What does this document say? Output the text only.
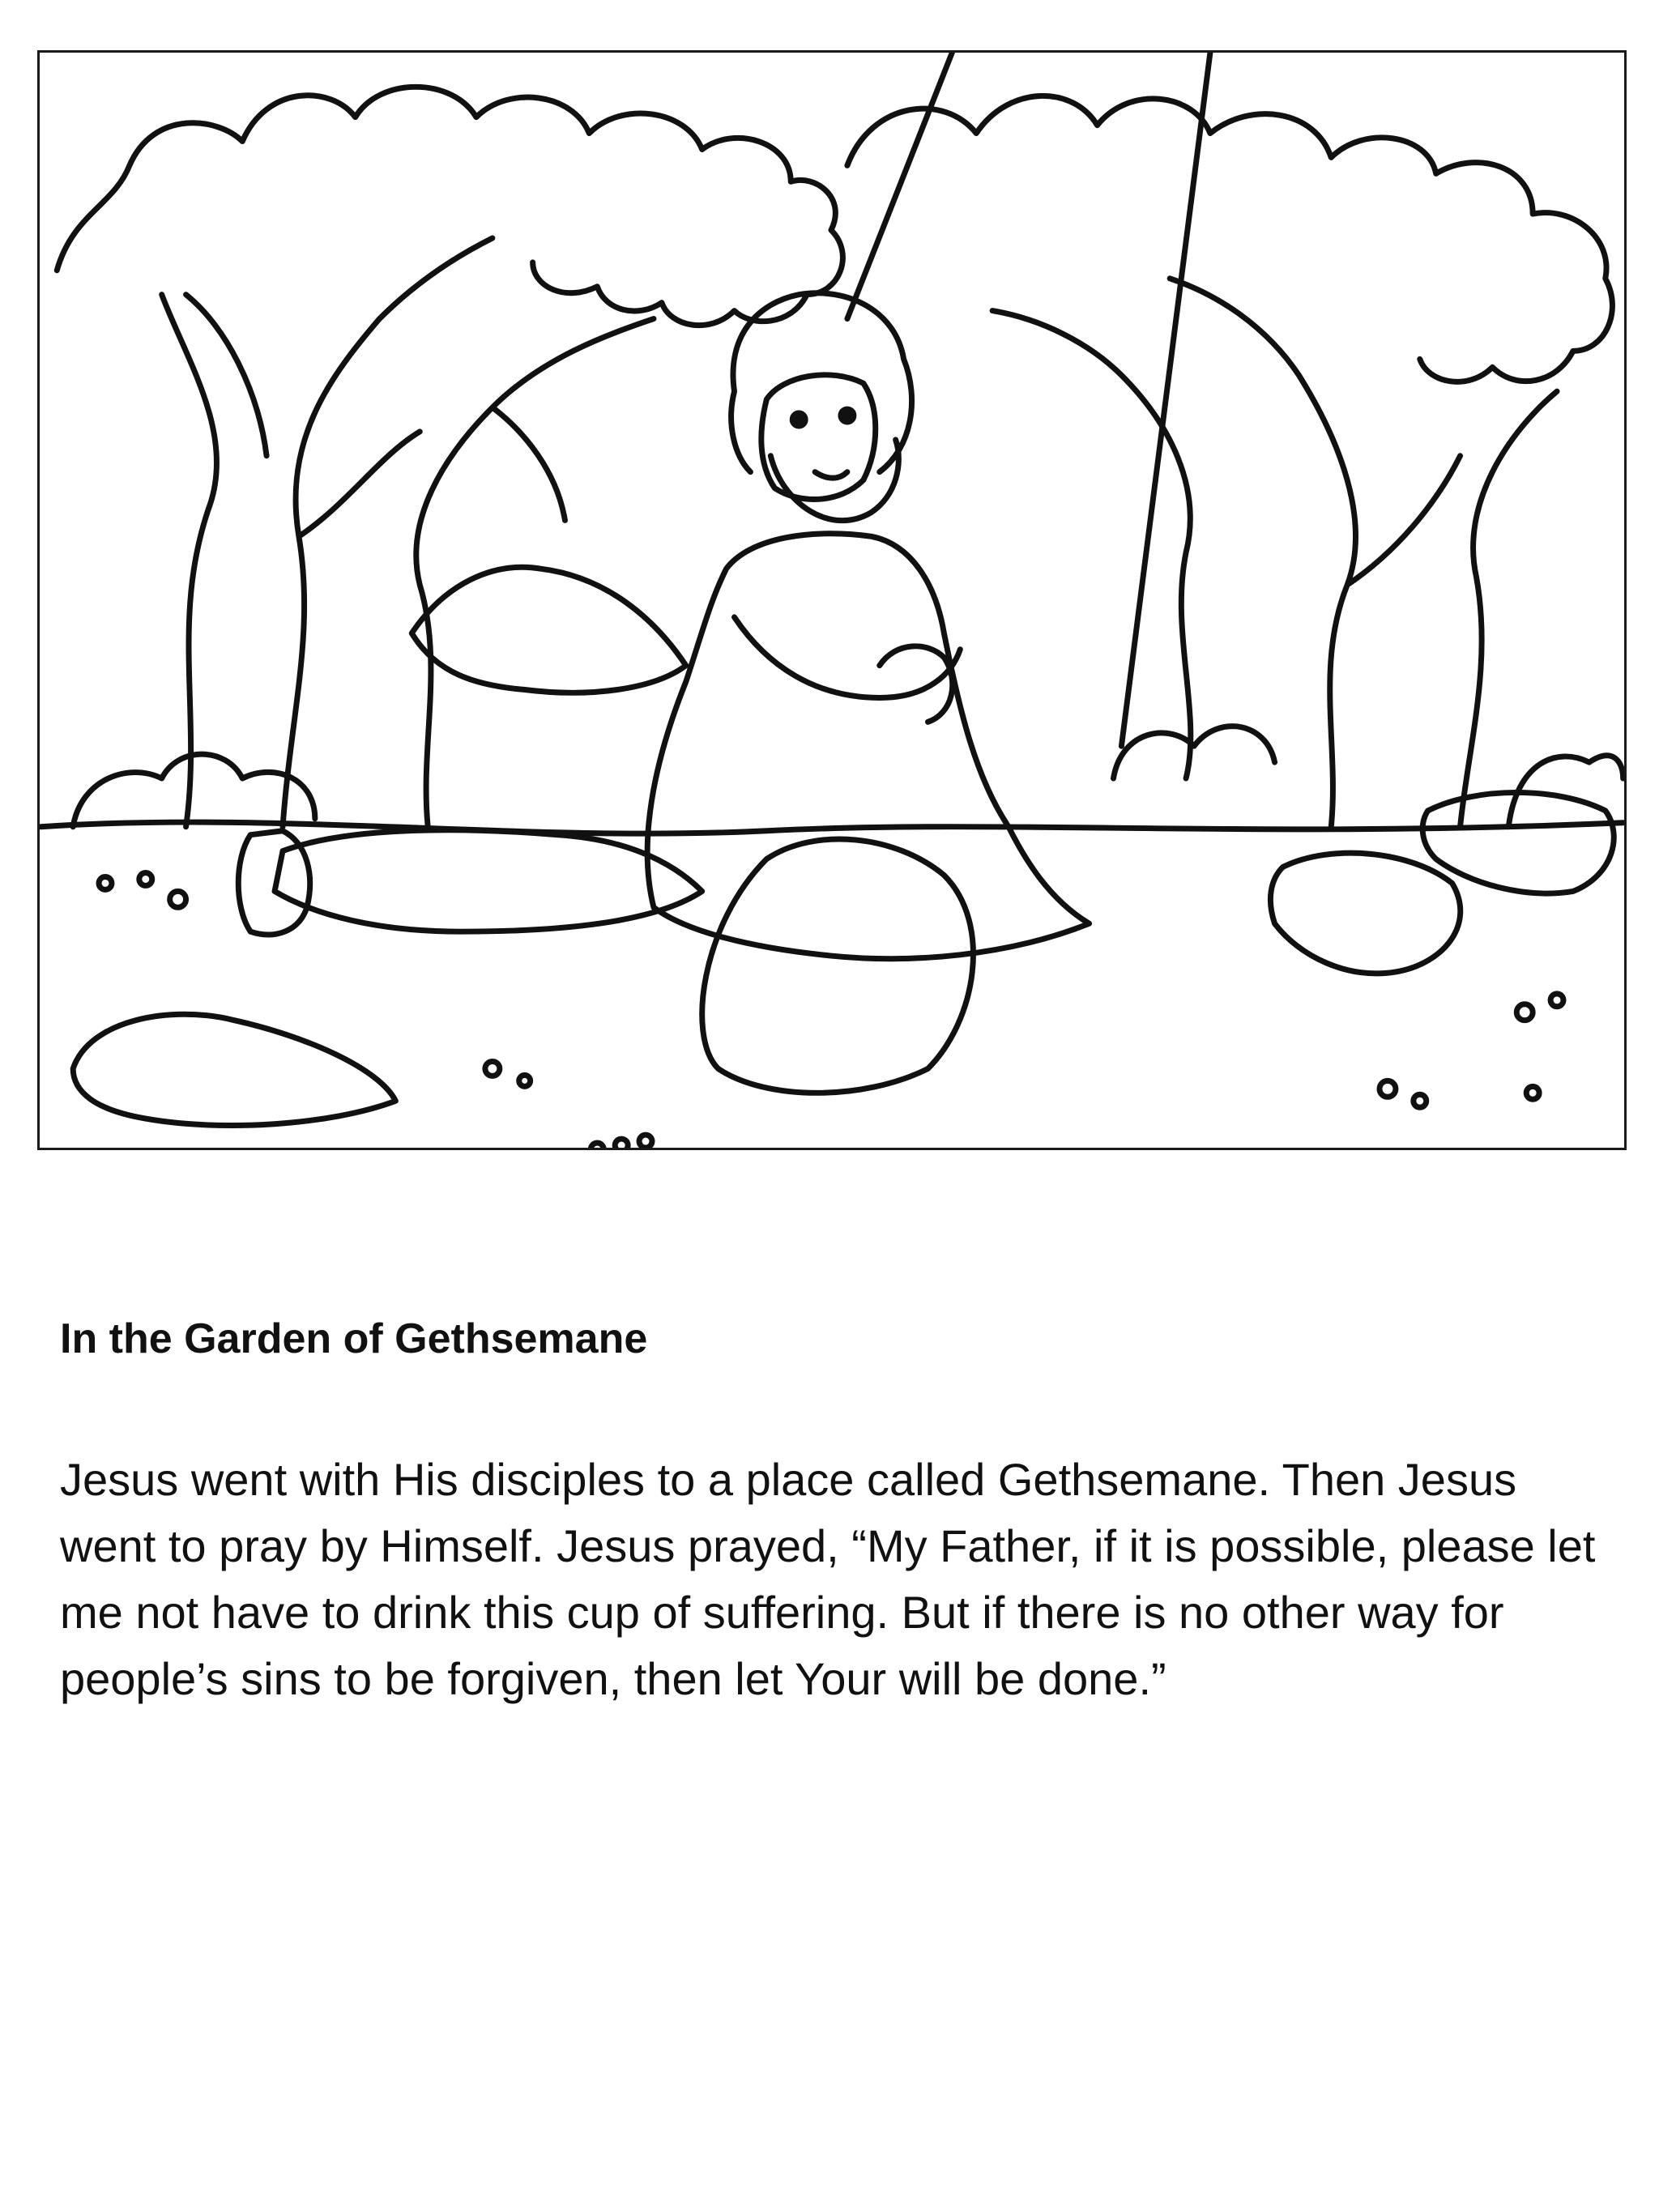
In the Garden of Gethsemane

Jesus went with His disciples to a place called Gethsemane. Then Jesus went to pray by Himself. Jesus prayed, “My Father, if it is possible, please let me not have to drink this cup of suffering. But if there is no other way for people’s sins to be forgiven, then let Your will be done.”
